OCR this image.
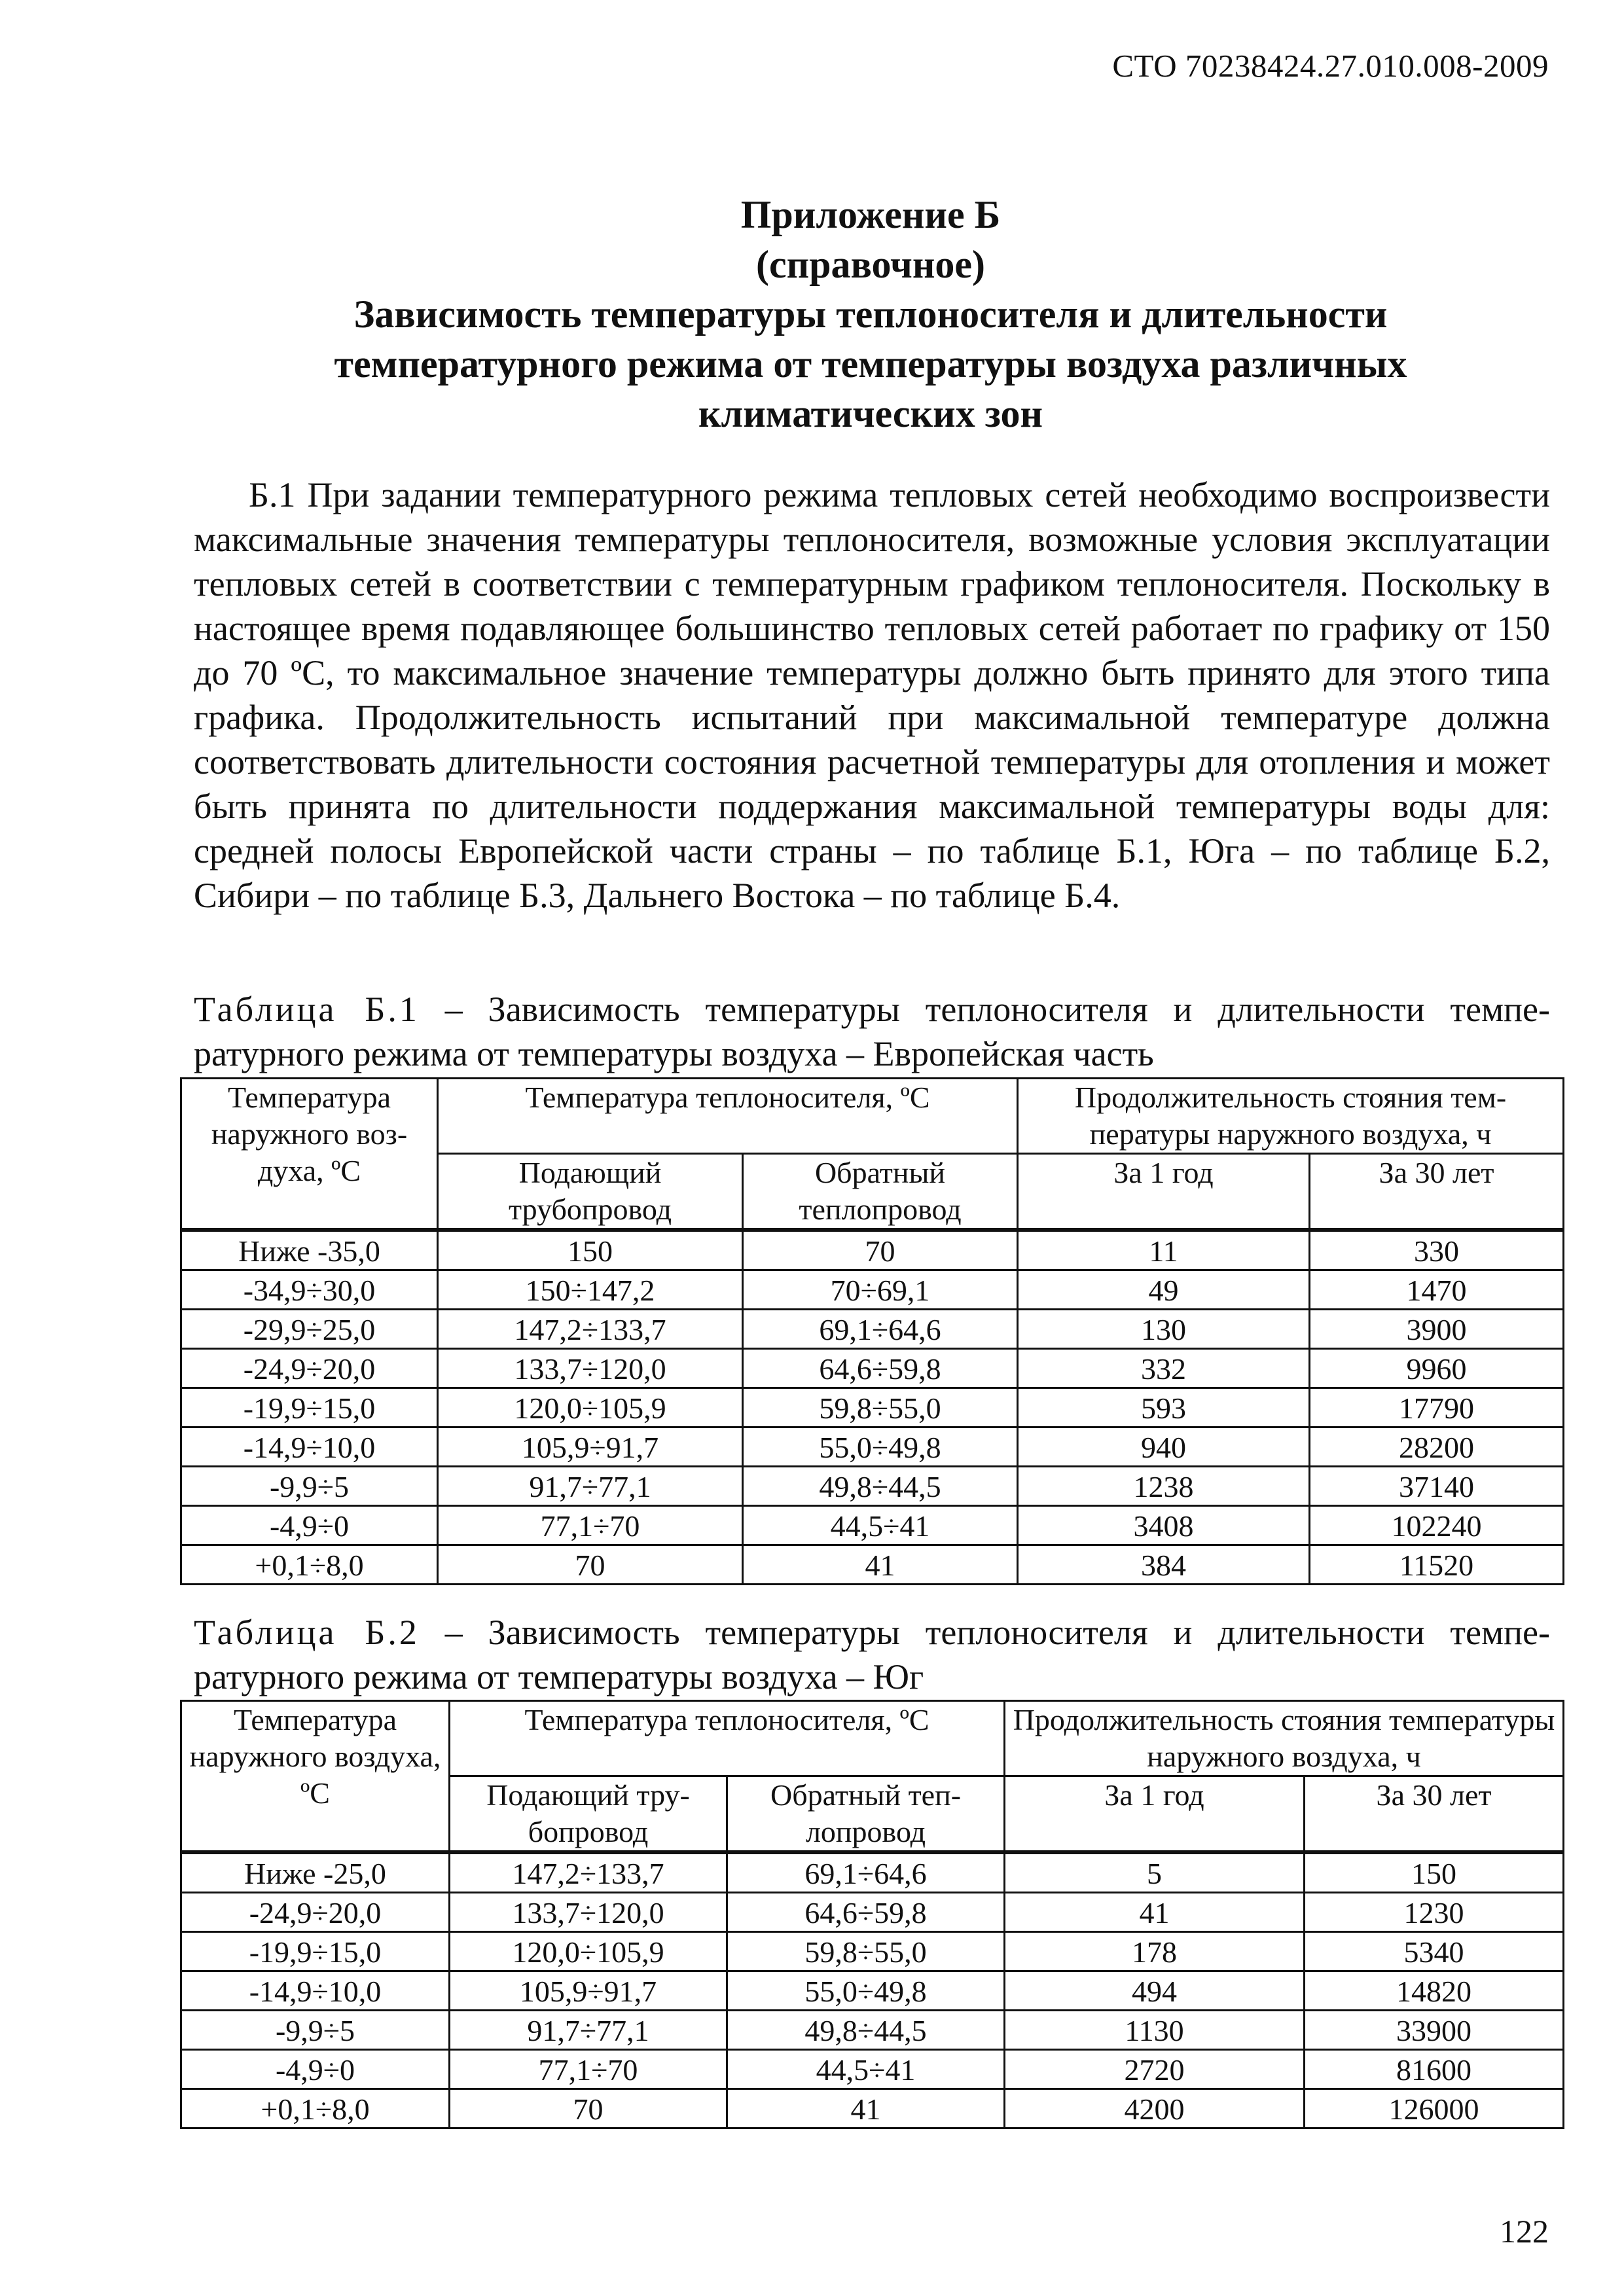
СТО 70238424.27.010.008-2009
Приложение Б
(справочное)
Зависимость температуры теплоносителя и длительности
температурного режима от температуры воздуха различных
климатических зон
Б.1 При задании температурного режима тепловых сетей необходимо воспроизвести максимальные значения температуры теплоносителя, возможные условия эксплуатации тепловых сетей в соответствии с температурным графиком теплоносителя. Поскольку в настоящее время подавляющее большинство тепловых сетей работает по графику от 150 до 70 ºС, то максимальное значение температуры должно быть принято для этого типа графика. Продолжительность испытаний при максимальной температуре должна соответствовать длительности состояния расчетной температуры для отопления и может быть принята по длительности поддержания максимальной температуры воды для: средней полосы Европейской части страны – по таблице Б.1, Юга – по таблице Б.2, Сибири – по таблице Б.3, Дальнего Востока – по таблице Б.4.
Таблица Б.1 – Зависимость температуры теплоносителя и длительности температурного режима от температуры воздуха – Европейская часть
Температура наружного воздуха, ºС	Температура теплоносителя, ºС		Продолжительность стояния температуры наружного воздуха, ч	
	Подающий трубопровод	Обратный теплопровод	За 1 год	За 30 лет
Ниже -35,0	150	70	11	330
-34,9÷30,0	150÷147,2	70÷69,1	49	1470
-29,9÷25,0	147,2÷133,7	69,1÷64,6	130	3900
-24,9÷20,0	133,7÷120,0	64,6÷59,8	332	9960
-19,9÷15,0	120,0÷105,9	59,8÷55,0	593	17790
-14,9÷10,0	105,9÷91,7	55,0÷49,8	940	28200
-9,9÷5	91,7÷77,1	49,8÷44,5	1238	37140
-4,9÷0	77,1÷70	44,5÷41	3408	102240
+0,1÷8,0	70	41	384	11520
Таблица Б.2 – Зависимость температуры теплоносителя и длительности температурного режима от температуры воздуха – Юг
Температура наружного воздуха, ºС	Температура теплоносителя, ºС		Продолжительность стояния температуры наружного воздуха, ч	
	Подающий трубопровод	Обратный теплопровод	За 1 год	За 30 лет
Ниже -25,0	147,2÷133,7	69,1÷64,6	5	150
-24,9÷20,0	133,7÷120,0	64,6÷59,8	41	1230
-19,9÷15,0	120,0÷105,9	59,8÷55,0	178	5340
-14,9÷10,0	105,9÷91,7	55,0÷49,8	494	14820
-9,9÷5	91,7÷77,1	49,8÷44,5	1130	33900
-4,9÷0	77,1÷70	44,5÷41	2720	81600
+0,1÷8,0	70	41	4200	126000
122
